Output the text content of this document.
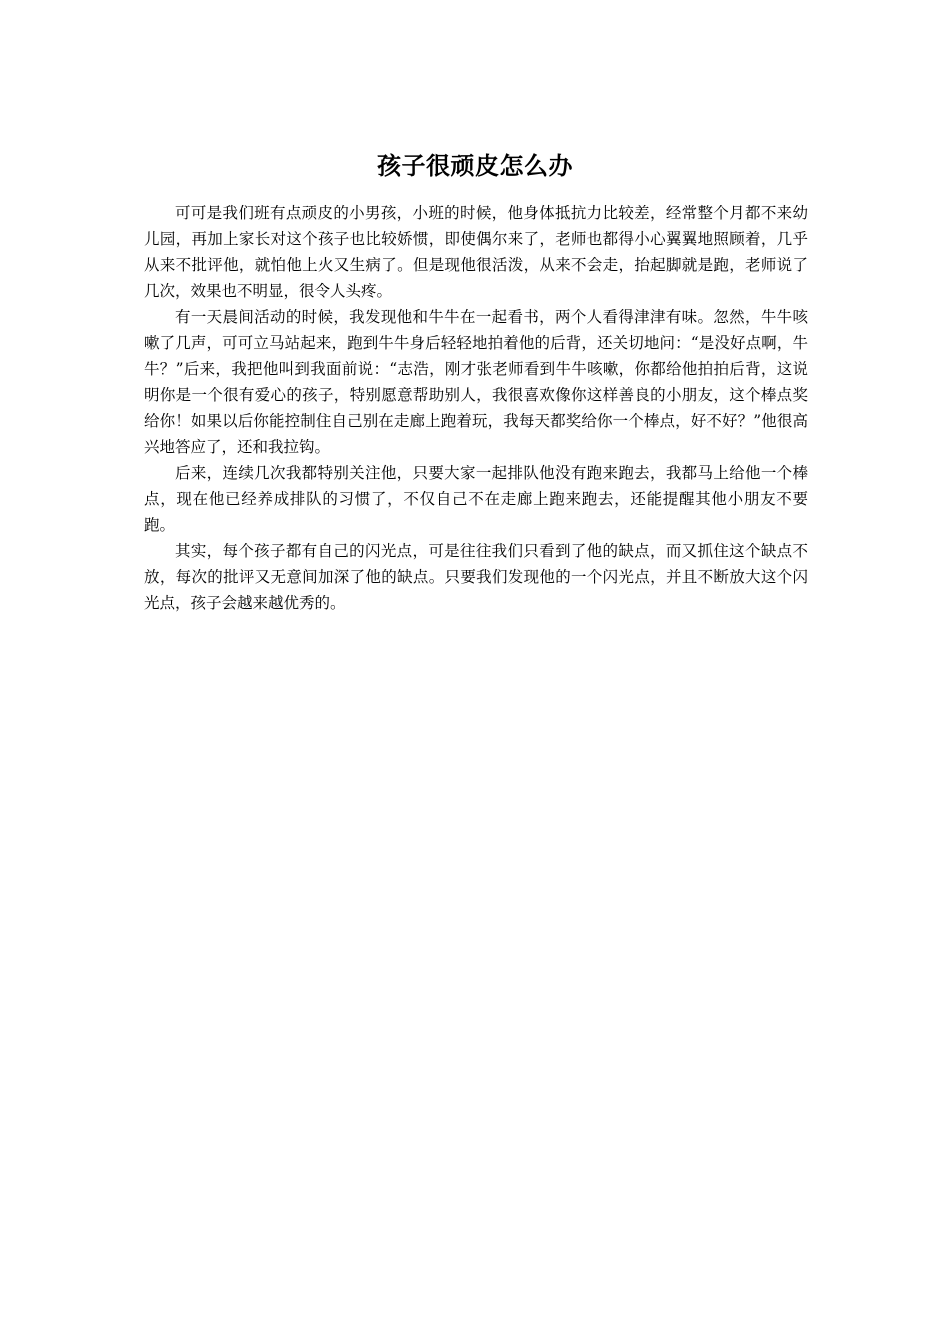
孩子很顽皮怎么办

可可是我们班有点顽皮的小男孩，小班的时候，他身体抵抗力比较差，经常整个月都不来幼儿园，再加上家长对这个孩子也比较娇惯，即使偶尔来了，老师也都得小心翼翼地照顾着，几乎从来不批评他，就怕他上火又生病了。但是现他很活泼，从来不会走，抬起脚就是跑，老师说了几次，效果也不明显，很令人头疼。

有一天晨间活动的时候，我发现他和牛牛在一起看书，两个人看得津津有味。忽然，牛牛咳嗽了几声，可可立马站起来，跑到牛牛身后轻轻地拍着他的后背，还关切地问：“是没好点啊，牛牛？”后来，我把他叫到我面前说：“志浩，刚才张老师看到牛牛咳嗽，你都给他拍拍后背，这说明你是一个很有爱心的孩子，特别愿意帮助别人，我很喜欢像你这样善良的小朋友，这个棒点奖给你！如果以后你能控制住自己别在走廊上跑着玩，我每天都奖给你一个棒点，好不好？”他很高兴地答应了，还和我拉钩。

后来，连续几次我都特别关注他，只要大家一起排队他没有跑来跑去，我都马上给他一个棒点，现在他已经养成排队的习惯了，不仅自己不在走廊上跑来跑去，还能提醒其他小朋友不要跑。

其实，每个孩子都有自己的闪光点，可是往往我们只看到了他的缺点，而又抓住这个缺点不放，每次的批评又无意间加深了他的缺点。只要我们发现他的一个闪光点，并且不断放大这个闪光点，孩子会越来越优秀的。
